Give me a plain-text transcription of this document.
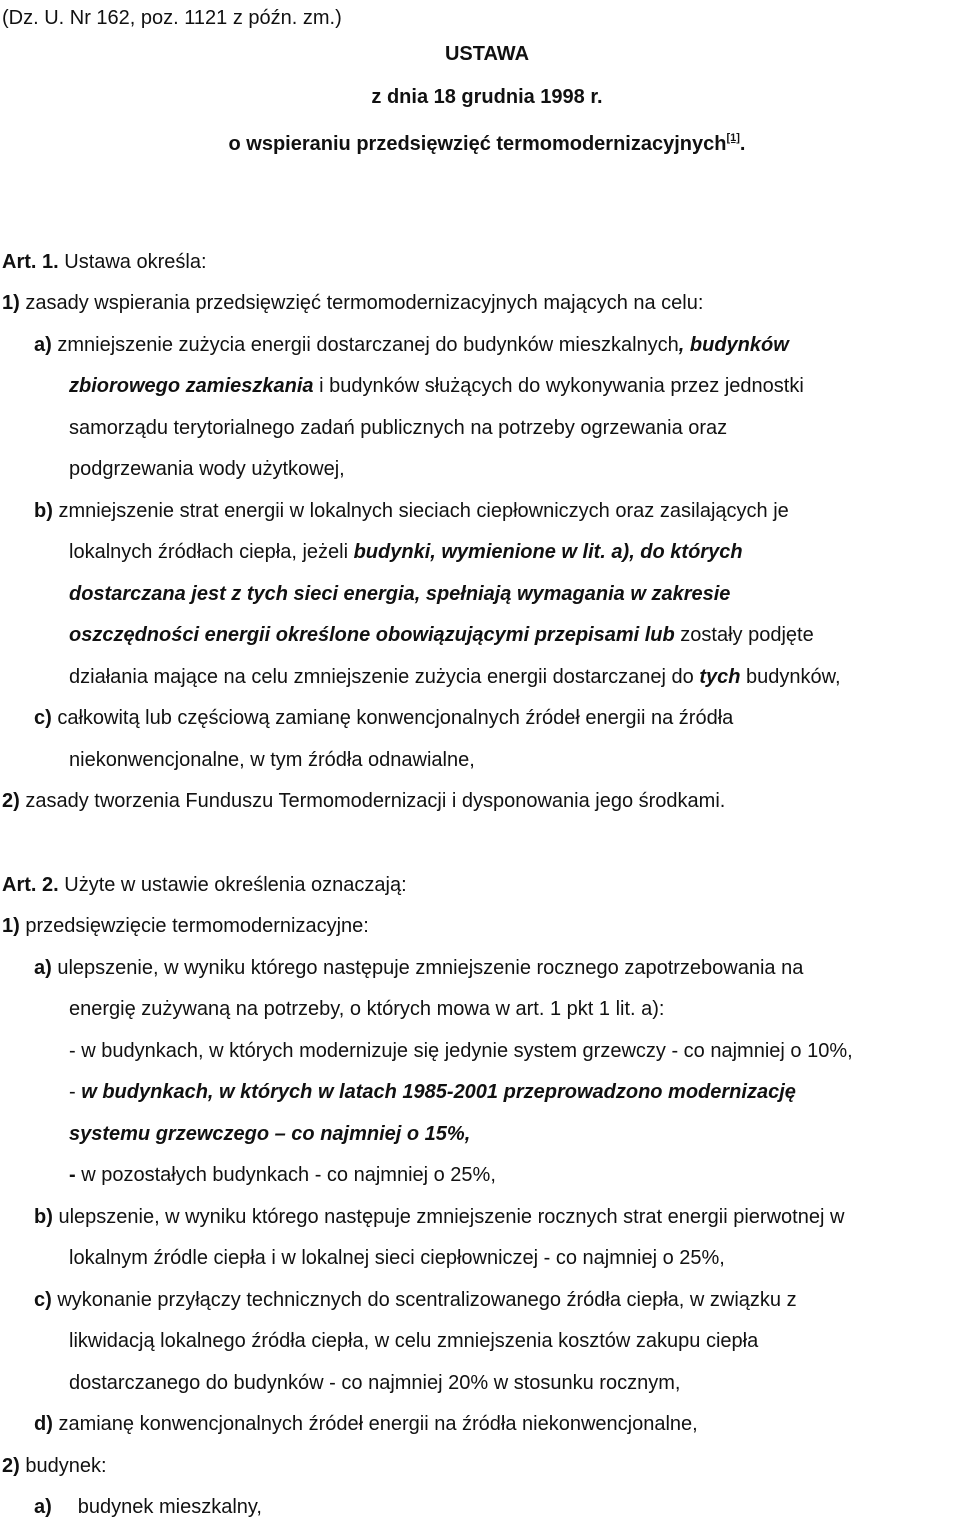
(Dz. U. Nr 162, poz. 1121 z późn. zm.)
USTAWA
z dnia 18 grudnia 1998 r.
o wspieraniu przedsięwzięć termomodernizacyjnych[1].
Art. 1. Ustawa określa:
1) zasady wspierania przedsięwzięć termomodernizacyjnych mających na celu:
a) zmniejszenie zużycia energii dostarczanej do budynków mieszkalnych, budynków
zbiorowego zamieszkania i budynków służących do wykonywania przez jednostki
samorządu terytorialnego zadań publicznych na potrzeby ogrzewania oraz
podgrzewania wody użytkowej,
b) zmniejszenie strat energii w lokalnych sieciach ciepłowniczych oraz zasilających je
lokalnych źródłach ciepła, jeżeli budynki, wymienione w lit. a), do których
dostarczana jest z tych sieci energia, spełniają wymagania w zakresie
oszczędności energii określone obowiązującymi przepisami lub zostały podjęte
działania mające na celu zmniejszenie zużycia energii dostarczanej do tych budynków,
c) całkowitą lub częściową zamianę konwencjonalnych źródeł energii na źródła
niekonwencjonalne, w tym źródła odnawialne,
2) zasady tworzenia Funduszu Termomodernizacji i dysponowania jego środkami.
Art. 2. Użyte w ustawie określenia oznaczają:
1) przedsięwzięcie termomodernizacyjne:
a) ulepszenie, w wyniku którego następuje zmniejszenie rocznego zapotrzebowania na
energię zużywaną na potrzeby, o których mowa w art. 1 pkt 1 lit. a):
- w budynkach, w których modernizuje się jedynie system grzewczy - co najmniej o 10%,
- w budynkach, w których w latach 1985-2001 przeprowadzono modernizację
systemu grzewczego – co najmniej o 15%,
- w pozostałych budynkach - co najmniej o 25%,
b) ulepszenie, w wyniku którego następuje zmniejszenie rocznych strat energii pierwotnej w
lokalnym źródle ciepła i w lokalnej sieci ciepłowniczej - co najmniej o 25%,
c) wykonanie przyłączy technicznych do scentralizowanego źródła ciepła, w związku z
likwidacją lokalnego źródła ciepła, w celu zmniejszenia kosztów zakupu ciepła
dostarczanego do budynków - co najmniej 20% w stosunku rocznym,
d) zamianę konwencjonalnych źródeł energii na źródła niekonwencjonalne,
2) budynek:
a) budynek mieszkalny,
